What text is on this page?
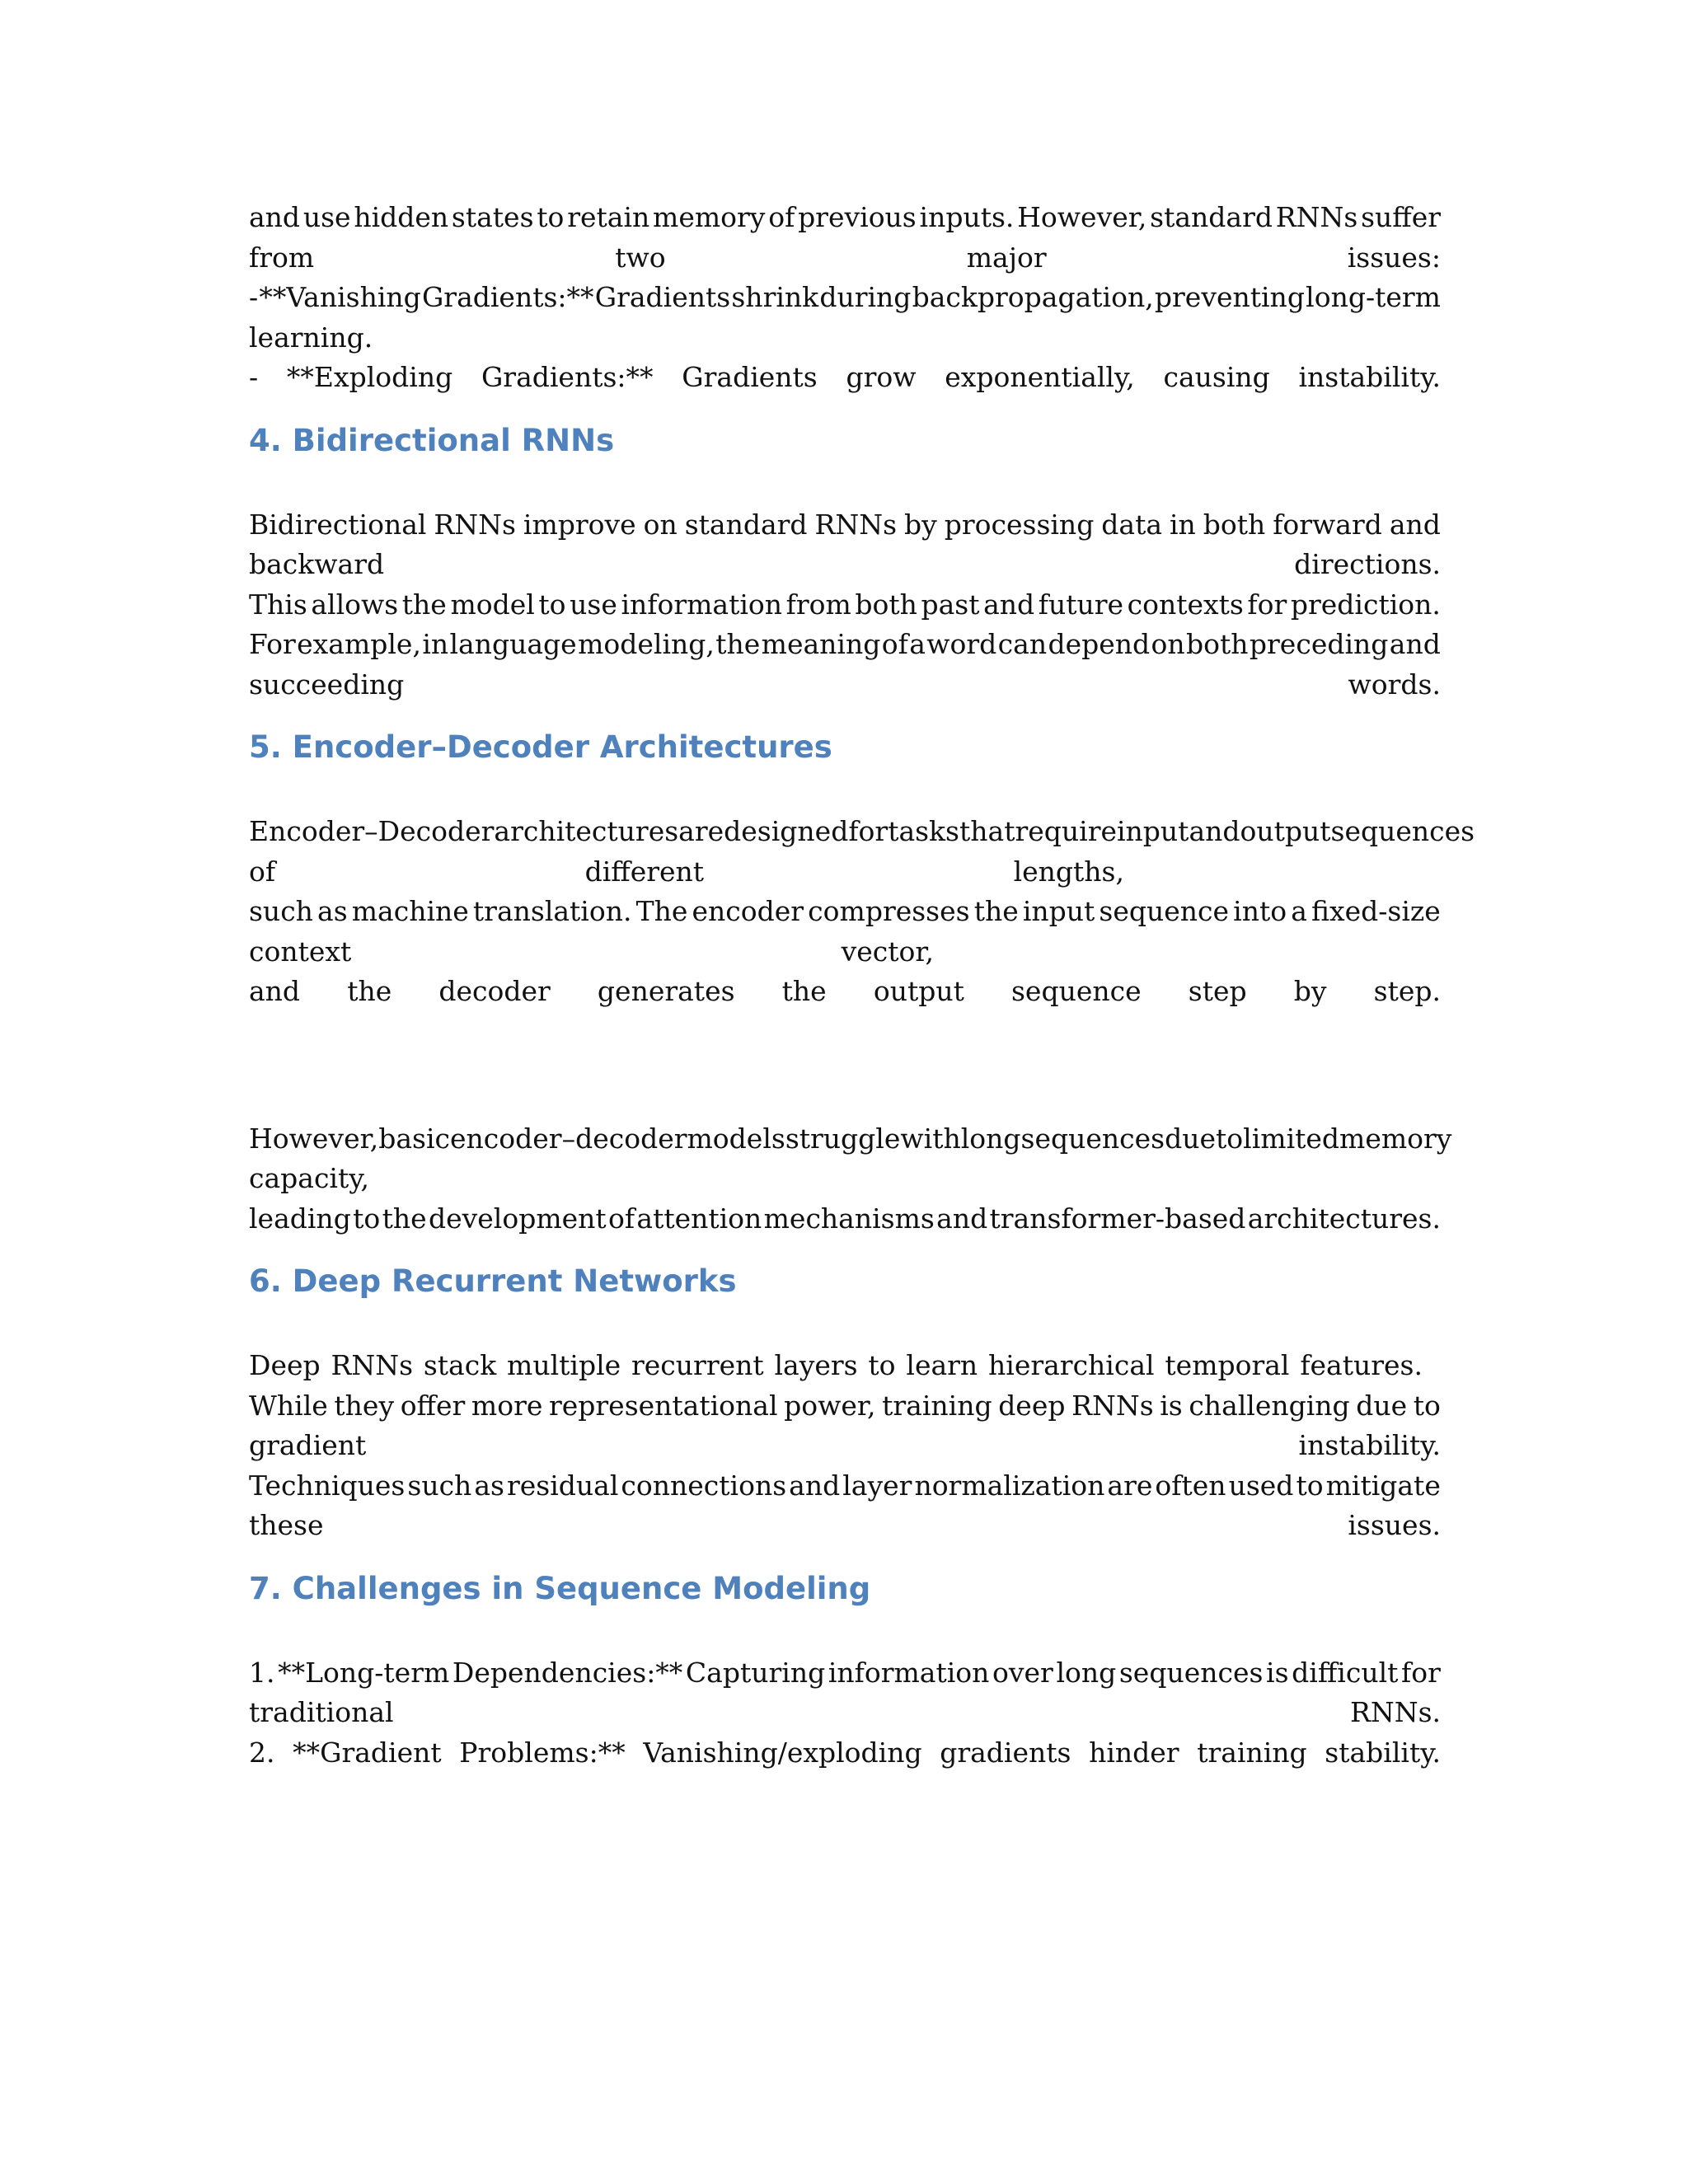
and use hidden states to retain memory of previous inputs. However, standard RNNs suffer
from	two	major	issues:
- **Vanishing Gradients:** Gradients shrink during backpropagation, preventing long-term
learning.
- **Exploding Gradients:** Gradients grow exponentially, causing instability.
4. Bidirectional RNNs
Bidirectional RNNs improve on standard RNNs by processing data in both forward and
backward	directions.
This allows the model to use information from both past and future contexts for prediction.
For example, in language modeling, the meaning of a word can depend on both preceding and
succeeding	words.
5. Encoder–Decoder Architectures
Encoder–Decoder architectures are designed for tasks that require input and output sequences
of	different	lengths,
such as machine translation. The encoder compresses the input sequence into a fixed-size
context	vector,
and the decoder generates the output sequence step by step.
However, basic encoder–decoder models struggle with long sequences due to limited memory
capacity,
leading to the development of attention mechanisms and transformer-based architectures.
6. Deep Recurrent Networks
Deep RNNs stack multiple recurrent layers to learn hierarchical temporal features.
While they offer more representational power, training deep RNNs is challenging due to
gradient	instability.
Techniques such as residual connections and layer normalization are often used to mitigate
these	issues.
7. Challenges in Sequence Modeling
1. **Long-term Dependencies:** Capturing information over long sequences is difficult for
traditional	RNNs.
2. **Gradient Problems:** Vanishing/exploding gradients hinder training stability.
